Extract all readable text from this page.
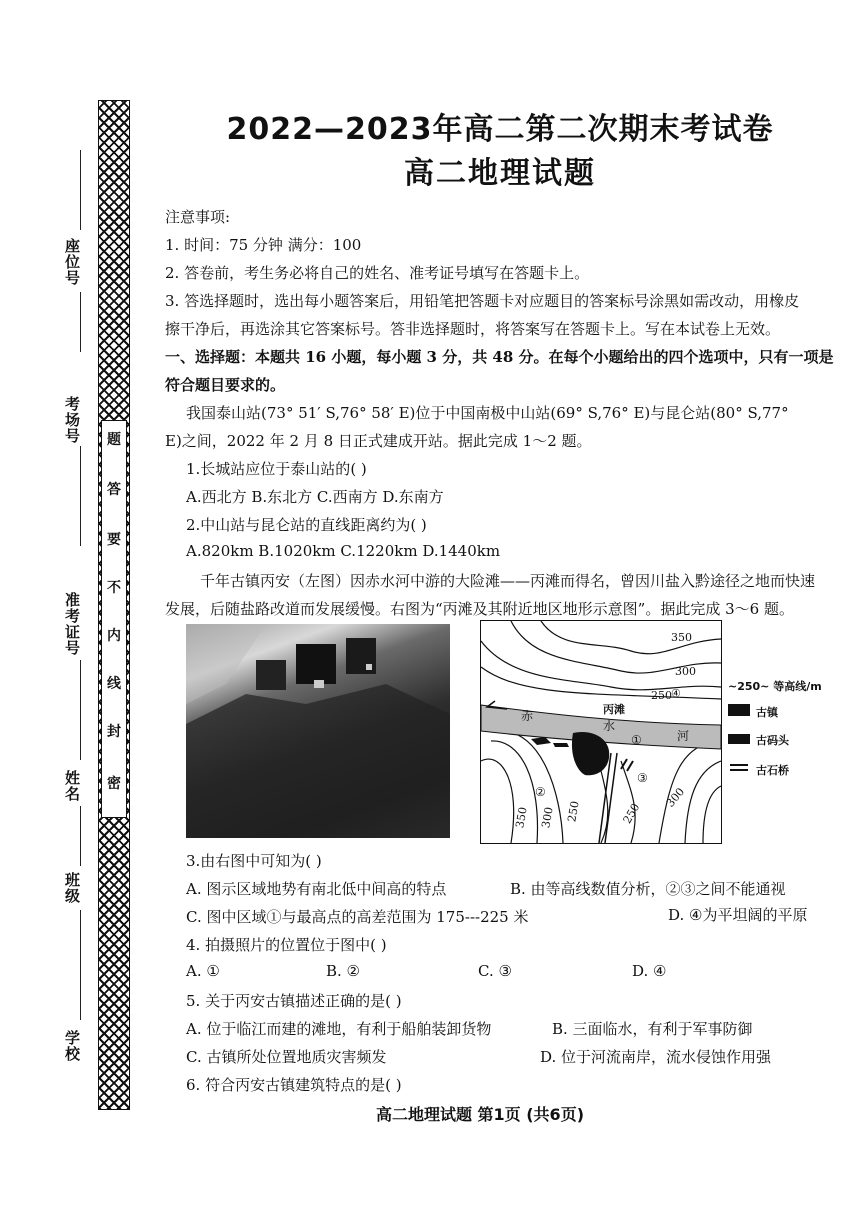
座位号
考场号
准考证号
姓名
班级
学校
题
答
要
不
内
线
封
密
2022—2023年高二第二次期末考试卷
高二地理试题
注意事项:
1. 时间：75 分钟 满分：100
2. 答卷前，考生务必将自己的姓名、准考证号填写在答题卡上。
3. 答选择题时，选出每小题答案后，用铅笔把答题卡对应题目的答案标号涂黑如需改动，用橡皮
擦干净后，再选涂其它答案标号。答非选择题时，将答案写在答题卡上。写在本试卷上无效。
一、选择题：本题共 16 小题，每小题 3 分，共 48 分。在每个小题给出的四个选项中，只有一项是
符合题目要求的。
我国泰山站(73° 51′ S,76° 58′ E)位于中国南极中山站(69° S,76° E)与昆仑站(80° S,77°
E)之间，2022 年 2 月 8 日正式建成开站。据此完成 1～2 题。
1.长城站应位于泰山站的( )
A.西北方 B.东北方 C.西南方 D.东南方
2.中山站与昆仑站的直线距离约为( )
A.820km B.1020km C.1220km D.1440km
千年古镇丙安（左图）因赤水河中游的大险滩——丙滩而得名，曾因川盐入黔途径之地而快速
发展，后随盐路改道而发展缓慢。右图为“丙滩及其附近地区地形示意图”。据此完成 3～6 题。
350
300
250 ④
丙滩
赤
水
河
①
②
③
350 300 250	250
300
~250~ 等高线/m
古镇
古码头
古石桥
3.由右图中可知为( )
A. 图示区域地势有南北低中间高的特点	B. 由等高线数值分析，②③之间不能通视
C. 图中区域①与最高点的高差范围为 175---225 米	D. ④为平坦阔的平原
4. 拍摄照片的位置位于图中( )
A. ①	B. ②	C. ③	D. ④
5. 关于丙安古镇描述正确的是( )
A. 位于临江而建的滩地，有利于船舶装卸货物	B. 三面临水，有利于军事防御
C. 古镇所处位置地质灾害频发	D. 位于河流南岸，流水侵蚀作用强
6. 符合丙安古镇建筑特点的是( )
高二地理试题 第1页 (共6页)
